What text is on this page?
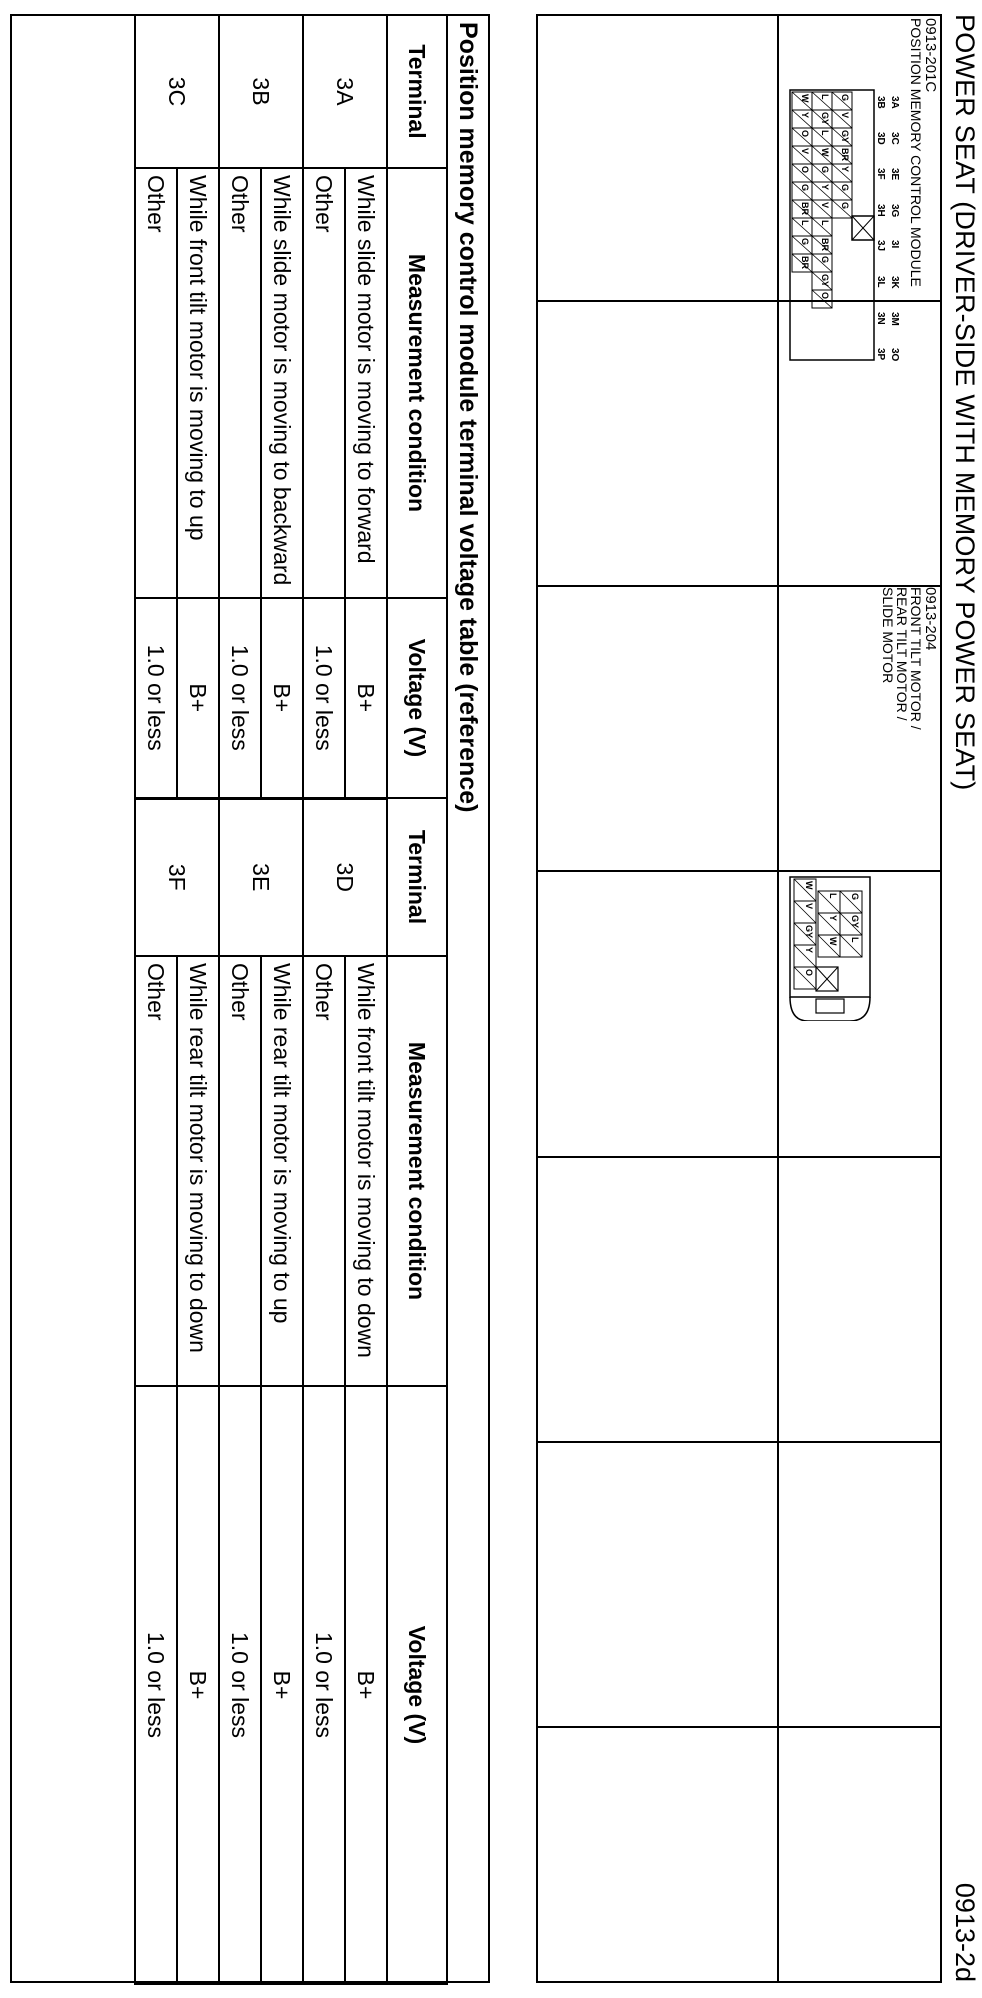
POWER SEAT (DRIVER-SIDE WITH MEMORY POWER SEAT)
0913-2d
0913-201C
POSITION MEMORY CONTROL MODULE
3A
3C
3E
3G
3I
3K
3M
3O
3B
3D
3F
3H
3J
3L
3N
3P
G
V
GY
BR
Y
G
G
L
GY
L
W
G
Y
V
L
BR
G
GY
O
W
Y
O
V
O
G
BR
L
G
BR
0913-204
FRONT TILT MOTOR /
REAR TILT MOTOR /
SLIDE MOTOR
G
GY
L
L
Y
W
W
V
GY
Y
O
Position memory control module terminal voltage table (reference)
Terminal	Measurement condition	Voltage (V)	Terminal	Measurement condition	Voltage (V)
3A	While slide motor is moving to forward	B+	3D	While front tilt motor is moving to down	B+
	Other	1.0 or less		Other	1.0 or less
3B	While slide motor is moving to backward	B+	3E	While rear tilt motor is moving to up	B+
	Other	1.0 or less		Other	1.0 or less
3C	While front tilt motor is moving to up	B+	3F	While rear tilt motor is moving to down	B+
	Other	1.0 or less		Other	1.0 or less
